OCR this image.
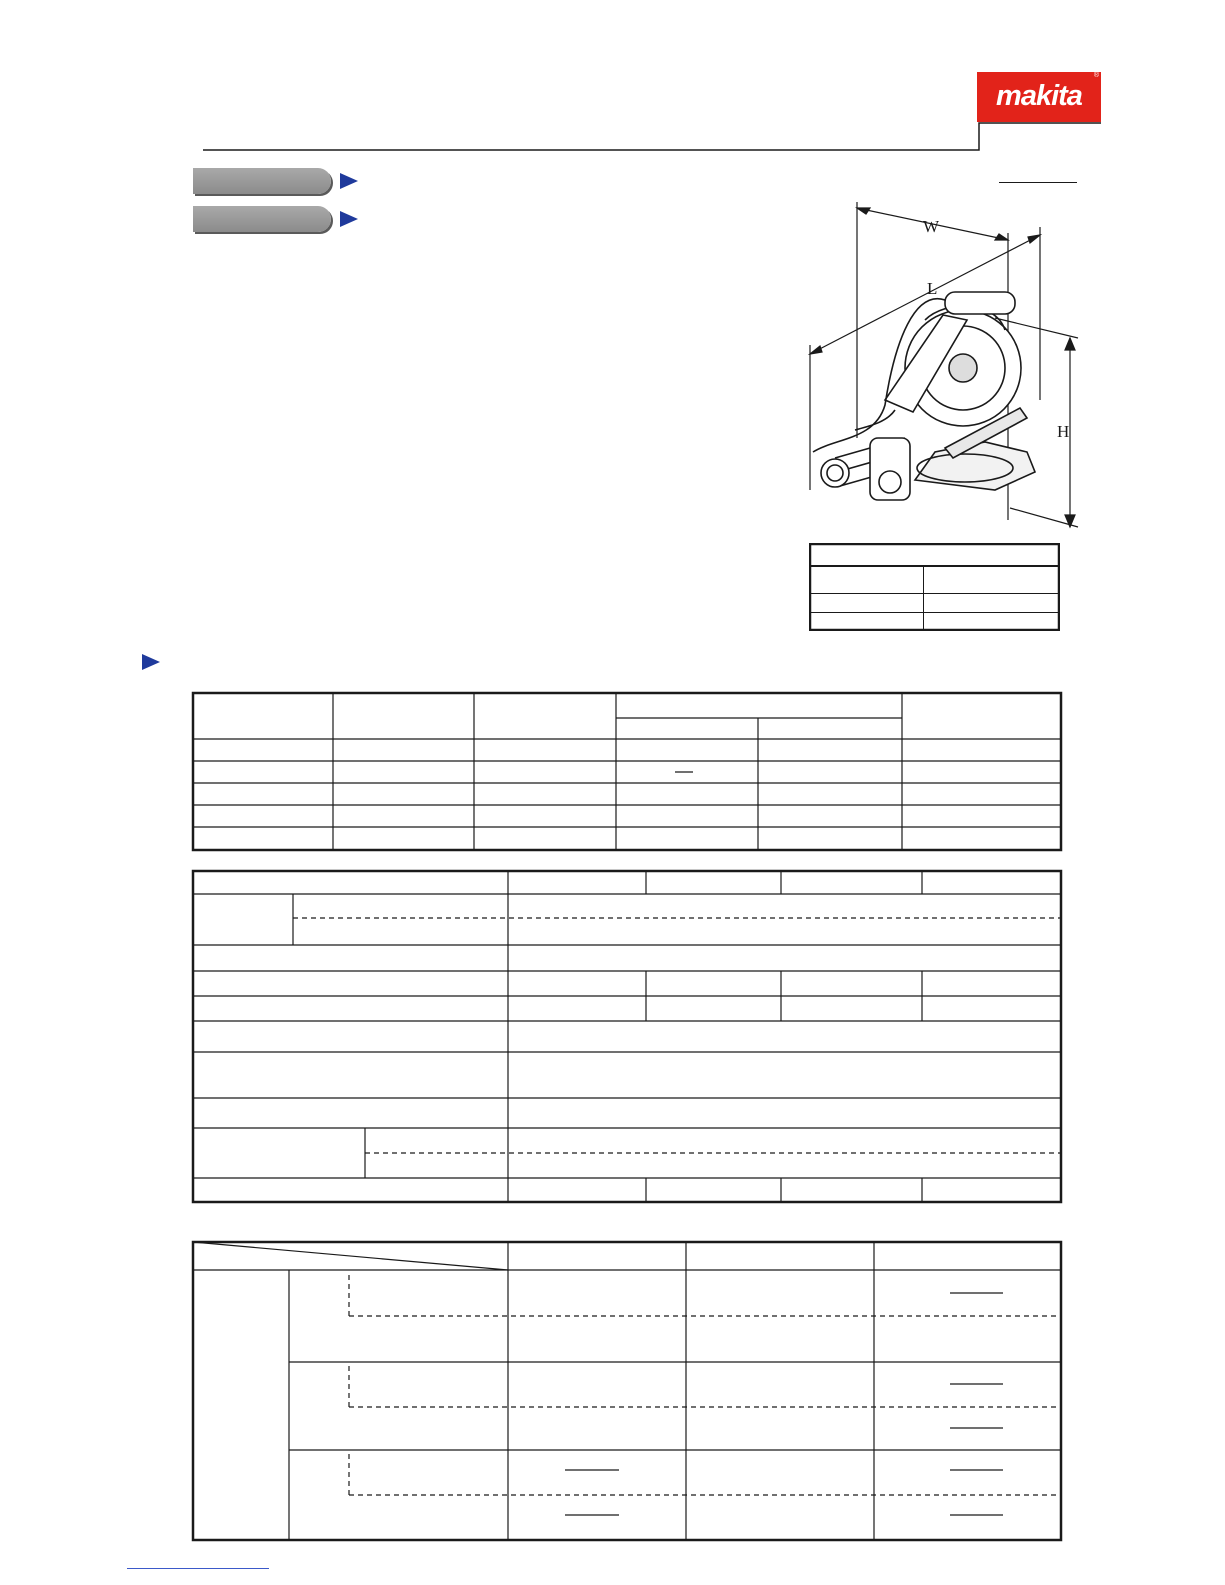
makita
®
W
L
H
